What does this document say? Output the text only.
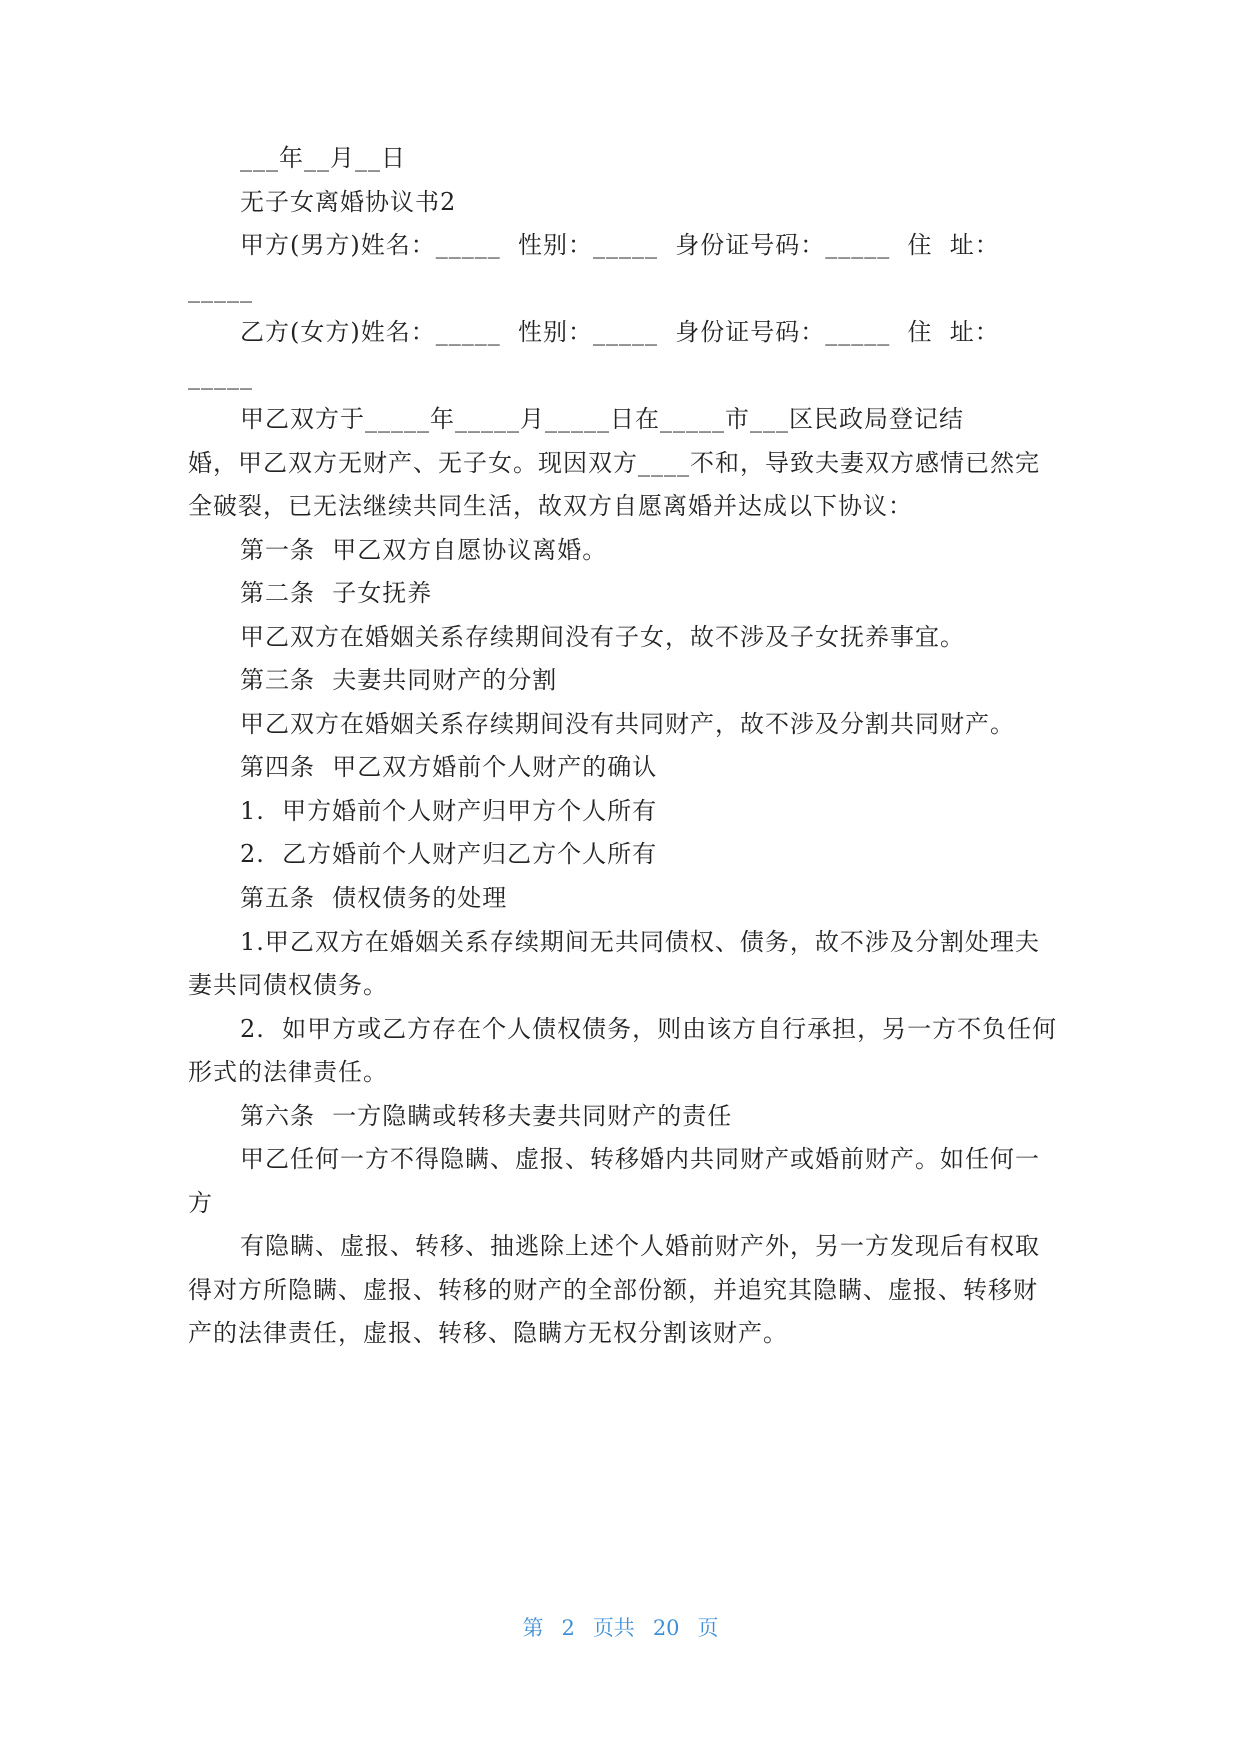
___年__月__日
无子女离婚协议书2
甲方(男方)姓名：_____  性别：_____  身份证号码：_____  住  址：
_____
乙方(女方)姓名：_____  性别：_____  身份证号码：_____  住  址：
_____
甲乙双方于_____年_____月_____日在_____市___区民政局登记结
婚，甲乙双方无财产、无子女。现因双方____不和，导致夫妻双方感情已然完
全破裂，已无法继续共同生活，故双方自愿离婚并达成以下协议：
第一条  甲乙双方自愿协议离婚。
第二条  子女抚养
甲乙双方在婚姻关系存续期间没有子女，故不涉及子女抚养事宜。
第三条  夫妻共同财产的分割
甲乙双方在婚姻关系存续期间没有共同财产，故不涉及分割共同财产。
第四条  甲乙双方婚前个人财产的确认
1.  甲方婚前个人财产归甲方个人所有
2.  乙方婚前个人财产归乙方个人所有
第五条  债权债务的处理
1.甲乙双方在婚姻关系存续期间无共同债权、债务，故不涉及分割处理夫
妻共同债权债务。
2.  如甲方或乙方存在个人债权债务，则由该方自行承担，另一方不负任何
形式的法律责任。
第六条  一方隐瞒或转移夫妻共同财产的责任
甲乙任何一方不得隐瞒、虚报、转移婚内共同财产或婚前财产。如任何一
方
有隐瞒、虚报、转移、抽逃除上述个人婚前财产外，另一方发现后有权取
得对方所隐瞒、虚报、转移的财产的全部份额，并追究其隐瞒、虚报、转移财
产的法律责任，虚报、转移、隐瞒方无权分割该财产。
第 2 页共 20 页
